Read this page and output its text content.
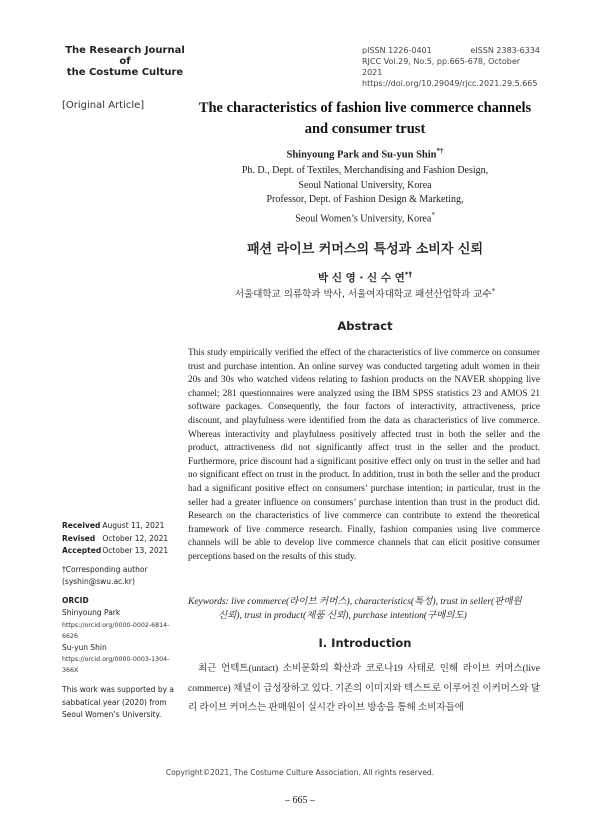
The Research Journal of
the Costume Culture
pISSN 1226-0401	eISSN 2383-6334
RJCC Vol.29, No.5, pp.665-678, October 2021
https://doi.org/10.29049/rjcc.2021.29.5.665
[Original Article]	The characteristics of fashion live commerce channels and consumer trust
Shinyoung Park and Su-yun Shin*†
Ph. D., Dept. of Textiles, Merchandising and Fashion Design,
Seoul National University, Korea
Professor, Dept. of Fashion Design & Marketing,
Seoul Women’s University, Korea*
패션 라이브 커머스의 특성과 소비자 신뢰
박 신 영 · 신 수 연*†
서울대학교 의류학과 박사, 서울여자대학교 패션산업학과 교수*
Abstract
This study empirically verified the effect of the characteristics of live commerce on consumer trust and purchase intention. An online survey was conducted targeting adult women in their 20s and 30s who watched videos relating to fashion products on the NAVER shopping live channel; 281 questionnaires were analyzed using the IBM SPSS statistics 23 and AMOS 21 software packages. Consequently, the four factors of interactivity, attractiveness, price discount, and playfulness were identified from the data as characteristics of live commerce. Whereas interactivity and playfulness positively affected trust in both the seller and the product, attractiveness did not significantly affect trust in the seller and the product. Furthermore, price discount had a significant positive effect only on trust in the seller and had no significant effect on trust in the product. In addition, trust in both the seller and the product had a significant positive effect on consumers’ purchase intention; in particular, trust in the seller had a greater influence on consumers’ purchase intention than trust in the product did. Research on the characteristics of live commerce can contribute to extend the theoretical framework of live commerce research. Finally, fashion companies using live commerce channels will be able to develop live commerce channels that can elicit positive consumer perceptions based on the results of this study.
Keywords: live commerce(라이브 커머스), characteristics(특성), trust in seller(판매원
신뢰), trust in product(제품 신뢰), purchase intention(구매의도)
Ⅰ. Introduction
최근 언텍트(untact) 소비문화의 확산과 코로나19 사태로 인해 라이브 커머스(live commerce) 채널이 급성장하고 있다. 기존의 이미지와 텍스트로 이루어진 이커머스와 달리 라이브 커머스는 판매원이 실시간 라이브 방송을 통해 소비자들에
Received August 11, 2021
Revised October 12, 2021
Accepted October 13, 2021
†Corresponding author
(syshin@swu.ac.kr)
ORCID
Shinyoung Park
https://orcid.org/0000-0002-6814-6626
Su-yun Shin
https://orcid.org/0000-0003-1304-366X
This work was supported by a sabbatical year (2020) from Seoul Women’s University.
Copyright©2021, The Costume Culture Association. All rights reserved.
– 665 –
